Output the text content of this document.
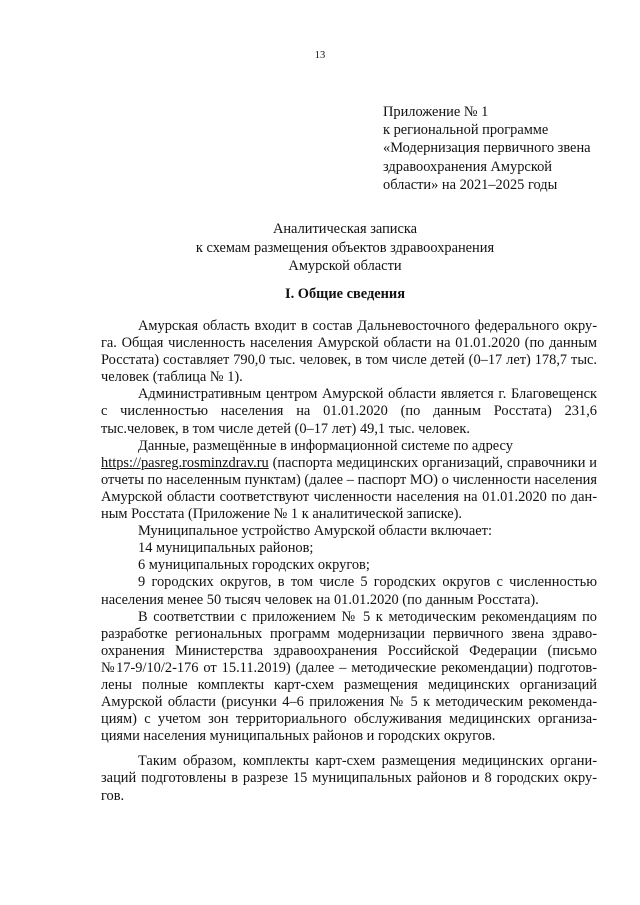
13
Приложение № 1
к региональной программе
«Модернизация первичного звена
здравоохранения Амурской
области» на 2021–2025 годы
Аналитическая записка
к схемам размещения объектов здравоохранения
Амурской области
I. Общие сведения

Амурская область входит в состав Дальневосточного федерального окру-га. Общая численность населения Амурской области на 01.01.2020 (по данным Росстата) составляет 790,0 тыс. человек, в том числе детей (0–17 лет) 178,7 тыс. человек (таблица № 1).

Административным центром Амурской области является г. Благовещенск с численностью населения на 01.01.2020 (по данным Росстата) 231,6 тыс.человек, в том числе детей (0–17 лет) 49,1 тыс. человек.

Данные, размещённые в информационной системе по адресу

https://pasreg.rosminzdrav.ru (паспорта медицинских организаций, справочники и отчеты по населенным пунктам) (далее – паспорт МО) о численности населения Амурской области соответствуют численности населения на 01.01.2020 по дан-ным Росстата (Приложение № 1 к аналитической записке).

Муниципальное устройство Амурской области включает:

14 муниципальных районов;

6 муниципальных городских округов;

9 городских округов, в том числе 5 городских округов с численностью населения менее 50 тысяч человек на 01.01.2020 (по данным Росстата).

В соответствии с приложением № 5 к методическим рекомендациям по разработке региональных программ модернизации первичного звена здраво-охранения Министерства здравоохранения Российской Федерации (письмо №17-9/10/2-176 от 15.11.2019) (далее – методические рекомендации) подготов-лены полные комплекты карт-схем размещения медицинских организаций Амурской области (рисунки 4–6 приложения № 5 к методическим рекоменда-циям) с учетом зон территориального обслуживания медицинских организа-циями населения муниципальных районов и городских округов.

Таким образом, комплекты карт-схем размещения медицинских органи-заций подготовлены в разрезе 15 муниципальных районов и 8 городских окру-гов.
